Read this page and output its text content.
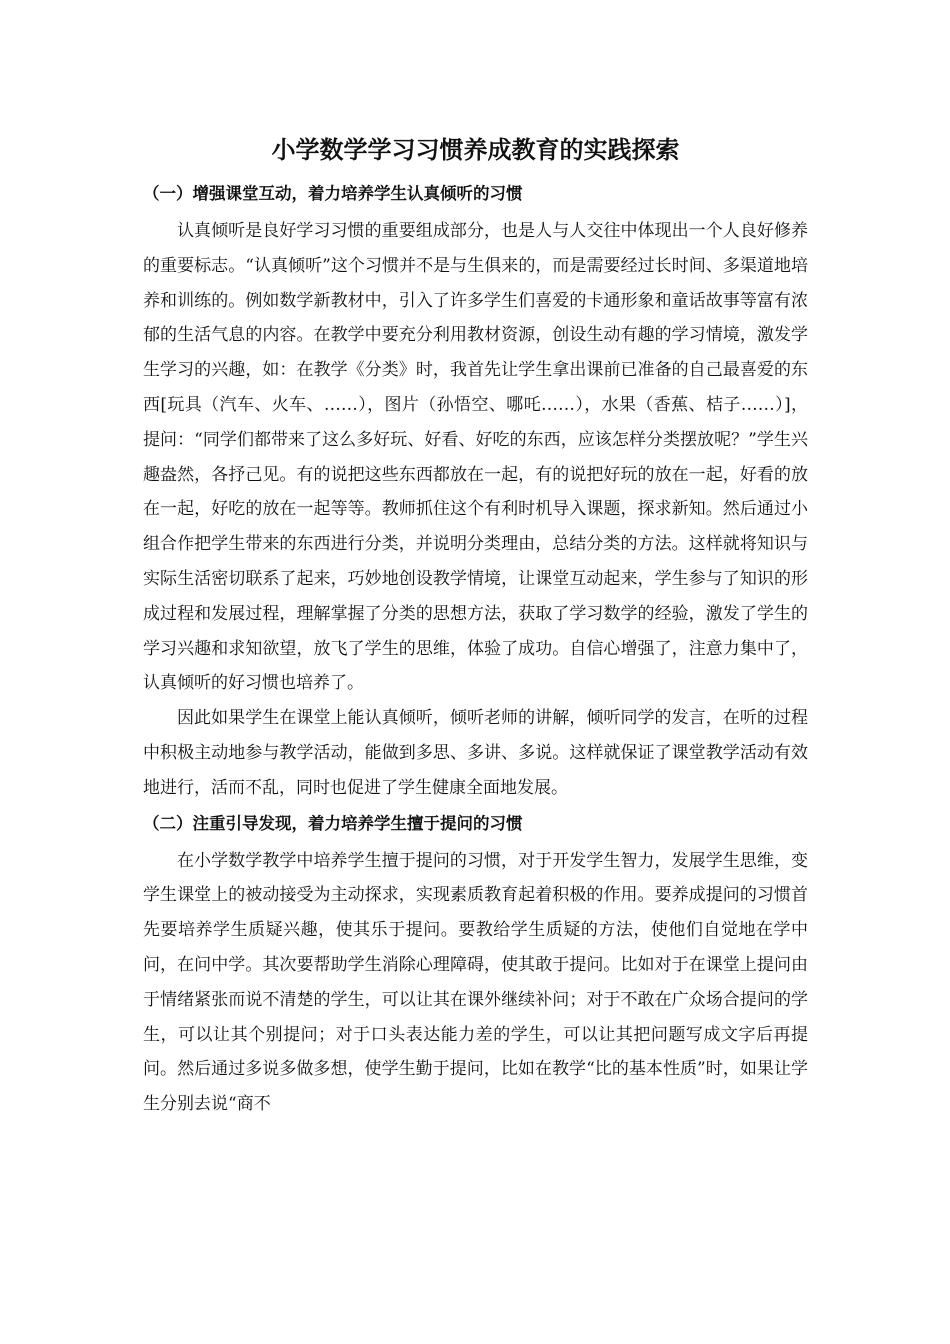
小学数学学习习惯养成教育的实践探索
（一）增强课堂互动，着力培养学生认真倾听的习惯

认真倾听是良好学习习惯的重要组成部分，也是人与人交往中体现出一个人良好修养的重要标志。“认真倾听”这个习惯并不是与生俱来的，而是需要经过长时间、多渠道地培养和训练的。例如数学新教材中，引入了许多学生们喜爱的卡通形象和童话故事等富有浓郁的生活气息的内容。在教学中要充分利用教材资源，创设生动有趣的学习情境，激发学生学习的兴趣，如：在教学《分类》时，我首先让学生拿出课前已准备的自己最喜爱的东西[玩具（汽车、火车、……），图片（孙悟空、哪吒……），水果（香蕉、桔子……）]，提问：“同学们都带来了这么多好玩、好看、好吃的东西，应该怎样分类摆放呢？”学生兴趣盎然，各抒己见。有的说把这些东西都放在一起，有的说把好玩的放在一起，好看的放在一起，好吃的放在一起等等。教师抓住这个有利时机导入课题，探求新知。然后通过小组合作把学生带来的东西进行分类，并说明分类理由，总结分类的方法。这样就将知识与实际生活密切联系了起来，巧妙地创设教学情境，让课堂互动起来，学生参与了知识的形成过程和发展过程，理解掌握了分类的思想方法，获取了学习数学的经验，激发了学生的学习兴趣和求知欲望，放飞了学生的思维，体验了成功。自信心增强了，注意力集中了，认真倾听的好习惯也培养了。

因此如果学生在课堂上能认真倾听，倾听老师的讲解，倾听同学的发言，在听的过程中积极主动地参与教学活动，能做到多思、多讲、多说。这样就保证了课堂教学活动有效地进行，活而不乱，同时也促进了学生健康全面地发展。

（二）注重引导发现，着力培养学生擅于提问的习惯

在小学数学教学中培养学生擅于提问的习惯，对于开发学生智力，发展学生思维，变学生课堂上的被动接受为主动探求，实现素质教育起着积极的作用。要养成提问的习惯首先要培养学生质疑兴趣，使其乐于提问。要教给学生质疑的方法，使他们自觉地在学中问，在问中学。其次要帮助学生消除心理障碍，使其敢于提问。比如对于在课堂上提问由于情绪紧张而说不清楚的学生，可以让其在课外继续补问；对于不敢在广众场合提问的学生，可以让其个别提问；对于口头表达能力差的学生，可以让其把问题写成文字后再提问。然后通过多说多做多想，使学生勤于提问，比如在教学“比的基本性质”时，如果让学生分别去说“商不
